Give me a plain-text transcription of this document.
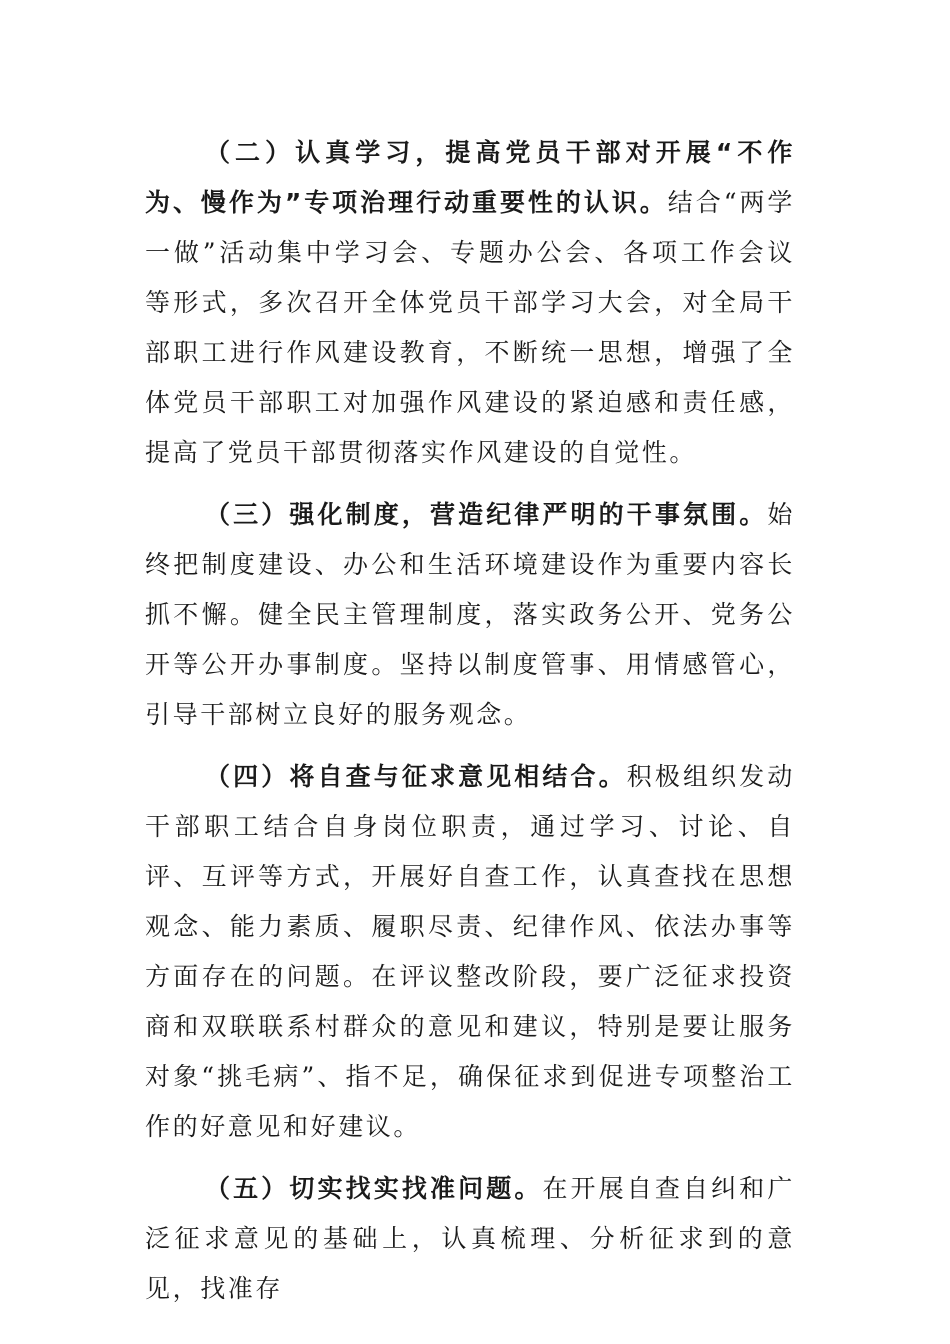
（二）认真学习，提高党员干部对开展“不作为、慢作为”专项治理行动重要性的认识。结合“两学一做”活动集中学习会、专题办公会、各项工作会议等形式，多次召开全体党员干部学习大会，对全局干部职工进行作风建设教育，不断统一思想，增强了全体党员干部职工对加强作风建设的紧迫感和责任感，提高了党员干部贯彻落实作风建设的自觉性。

（三）强化制度，营造纪律严明的干事氛围。始终把制度建设、办公和生活环境建设作为重要内容长抓不懈。健全民主管理制度，落实政务公开、党务公开等公开办事制度。坚持以制度管事、用情感管心，引导干部树立良好的服务观念。

（四）将自查与征求意见相结合。积极组织发动干部职工结合自身岗位职责，通过学习、讨论、自评、互评等方式，开展好自查工作，认真查找在思想观念、能力素质、履职尽责、纪律作风、依法办事等方面存在的问题。在评议整改阶段，要广泛征求投资商和双联联系村群众的意见和建议，特别是要让服务对象“挑毛病”、指不足，确保征求到促进专项整治工作的好意见和好建议。

（五）切实找实找准问题。在开展自查自纠和广泛征求意见的基础上，认真梳理、分析征求到的意见，找准存
